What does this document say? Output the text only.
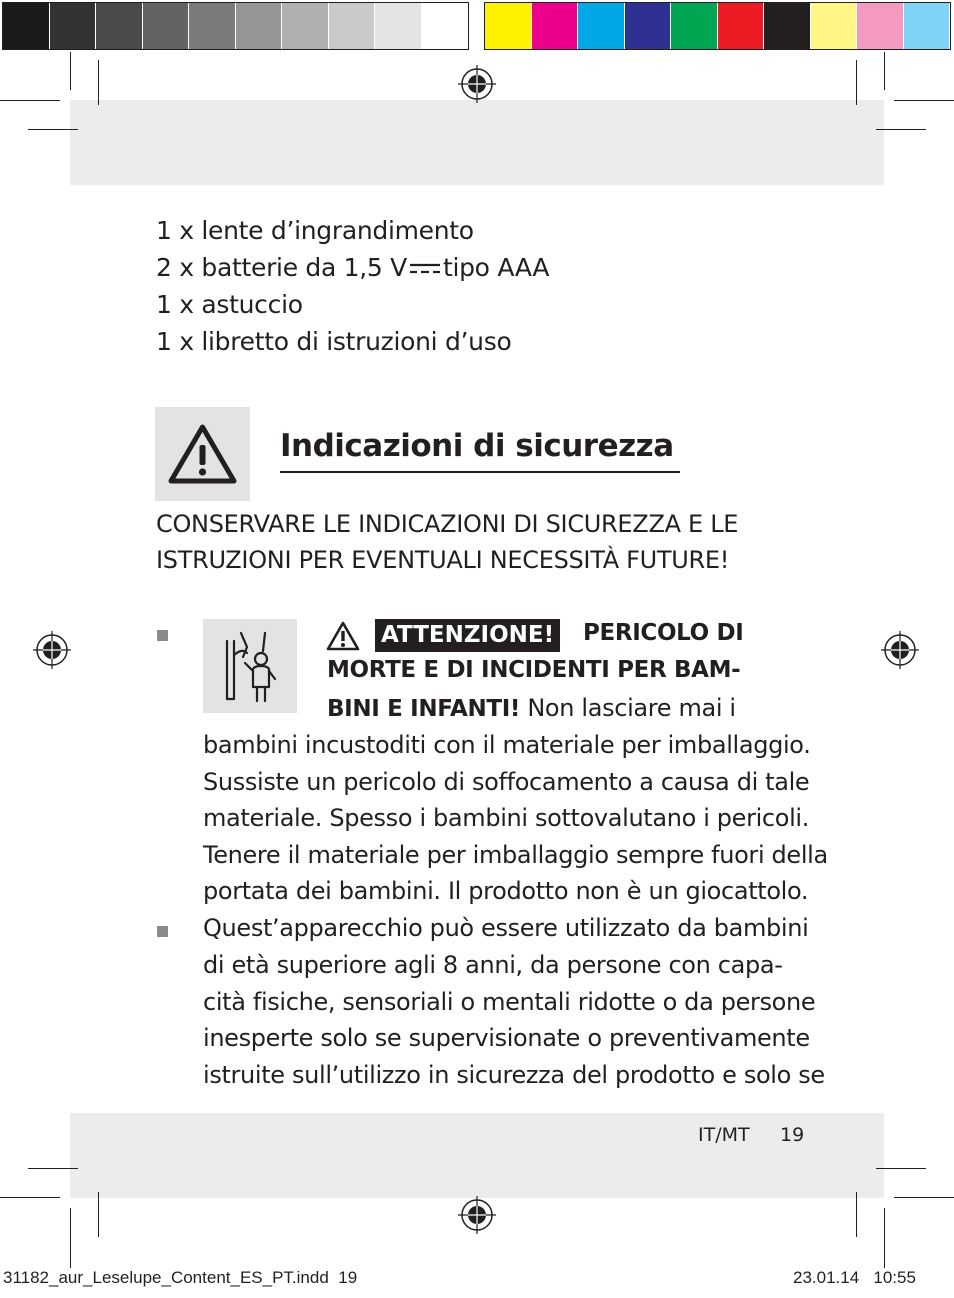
1 x lente d’ingrandimento
2 x batterie da 1,5 V tipo AAA
1 x astuccio
1 x libretto di istruzioni d’uso
Indicazioni di sicurezza
CONSERVARE LE INDICAZIONI DI SICUREZZA E LE
ISTRUZIONI PER EVENTUALI NECESSITÀ FUTURE!
ATTENZIONE! PERICOLO DI
MORTE E DI INCIDENTI PER BAM-
BINI E INFANTI! Non lasciare mai i
bambini incustoditi con il materiale per imballaggio.
Sussiste un pericolo di soffocamento a causa di tale
materiale. Spesso i bambini sottovalutano i pericoli.
Tenere il materiale per imballaggio sempre fuori della
portata dei bambini. Il prodotto non è un giocattolo.
Quest’apparecchio può essere utilizzato da bambini
di età superiore agli 8 anni, da persone con capa-
cità fisiche, sensoriali o mentali ridotte o da persone
inesperte solo se supervisionate o preventivamente
istruite sull’utilizzo in sicurezza del prodotto e solo se
IT/MT 19
31182_aur_Leselupe_Content_ES_PT.indd 19	23.01.14 10:55
